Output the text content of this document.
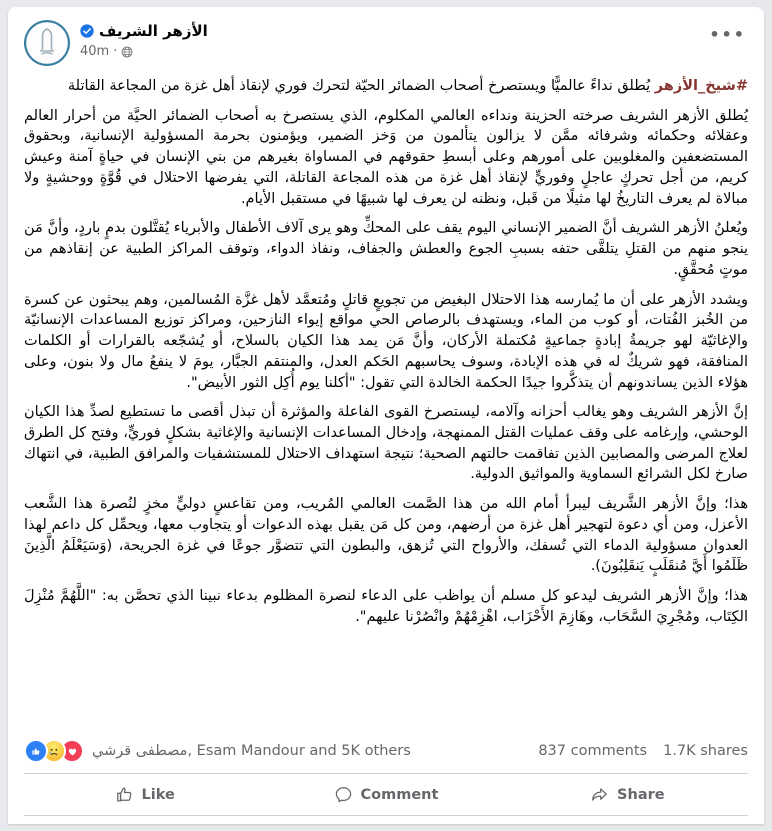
الأزهر الشريف
40m ·
•••

#شيخ_الأزهر يُطلق نداءً عالميًّا ويستصرخ أصحاب الضمائر الحيّة لتحرك فوري لإنقاذ أهل غزة من المجاعة القاتلة

يُطلق الأزهر الشريف صرخته الحزينة ونداءه العالمي المكلوم، الذي يستصرخ به أصحاب الضمائر الحيَّة من أحرار العالم وعقلائه وحكمائه وشرفائه ممَّن لا يزالون يتألمون من وَخز الضمير، ويؤمنون بحرمة المسؤولية الإنسانية، وبحقوق المستضعفين والمغلوبين على أمورهم وعلى أبسطِ حقوقهم في المساواة بغيرهم من بني الإنسان في حياةٍ آمنة وعيش كريم، من أجل تحركٍ عاجلٍ وفوريٍّ لإنقاذ أهل غزة من هذه المجاعة القاتلة، التي يفرضها الاحتلال في قُوَّةٍ ووحشيةٍ ولا مبالاة لم يعرف التاريخُ لها مثيلًا من قَبل، ونظنه لن يعرف لها شبيهًا في مستقبل الأيام.

ويُعلنُ الأزهر الشريف أنَّ الضمير الإنساني اليوم يقف على المحكِّ وهو يرى آلاف الأطفال والأبرياء يُقتَّلون بدمٍ باردٍ، وأنَّ مَن ينجو منهم من القتلِ يتلقَّى حتفه بسببِ الجوع والعطش والجفاف، ونفاذ الدواء، وتوقف المراكز الطبية عن إنقاذهم من موتٍ مُحقَّقٍ.

ويشدد الأزهر على أن ما يُمارسه هذا الاحتلال البغيض من تجويعٍ قاتلٍ ومُتعمَّد لأهل غزَّة المُسالمين، وهم يبحثون عن كسرة من الخُبز الفُتات، أو كوب من الماء، ويستهدف بالرصاص الحي مواقع إيواء النازحين، ومراكز توزيع المساعدات الإنسانيّة والإغاثيّة لهو جريمةُ إبادةٍ جماعيةٍ مُكتملة الأركان، وأنَّ مَن يمد هذا الكيان بالسلاح، أو يُشجّعه بالقرارات أو الكلمات المنافقة، فهو شريكٌ له في هذه الإبادة، وسوف يحاسبهم الحَكم العدل، والمنتقم الجبَّار، يومَ لا ينفعُ مال ولا بنون، وعلى هؤلاء الذين يساندونهم أن يتذكَّروا جيدًا الحكمة الخالدة التي تقول: "أكلنا يوم أُكِل الثور الأبيض".

إنَّ الأزهر الشريف وهو يغالب أحزانه وآلامه، ليستصرخ القوى الفاعلة والمؤثرة أن تبذل أقصى ما تستطيع لصدِّ هذا الكيان الوحشي، وإرغامه على وقف عمليات القتل الممنهجة، وإدخال المساعدات الإنسانية والإغاثية بشكلٍ فوريٍّ، وفتح كل الطرق لعلاج المرضى والمصابين الذين تفاقمت حالتهم الصحية؛ نتيجة استهداف الاحتلال للمستشفيات والمرافق الطبية، في انتهاك صارخ لكل الشرائع السماوية والمواثيق الدولية.

هذا؛ وإنَّ الأزهر الشَّريف ليبرأ أمام الله من هذا الصَّمت العالمي المُريب، ومن تقاعسٍ دوليٍّ مخزٍ لنُصرة هذا الشَّعب الأعزل، ومن أي دعوة لتهجير أهل غزة من أرضهم، ومن كل مَن يقبل بهذه الدعوات أو يتجاوب معها، ويحمِّل كل داعم لهذا العدوان مسؤولية الدماء التي تُسفك، والأرواح التي تُزهق، والبطون التي تتضوَّر جوعًا في غزة الجريحة، (وَسَيَعْلَمُ الَّذِينَ ظَلَمُوا أَيَّ مُنقَلَبٍ يَنقَلِبُونَ).

هذا؛ وإنَّ الأزهر الشريف ليدعو كل مسلم أن يواظب على الدعاء لنصرة المظلوم بدعاء نبينا الذي تحصَّن به: "اللَّهُمَّ مُنْزِلَ الكِتَاب، ومُجْرِيَ السَّحَاب، وهَازِمَ الأَحْزَاب، اهْزِمْهُمْ وانْصُرْنا عليهم".

مصطفى قرشي, Esam Mandour and 5K others	837 comments 1.7K shares
Like	Comment	Share
